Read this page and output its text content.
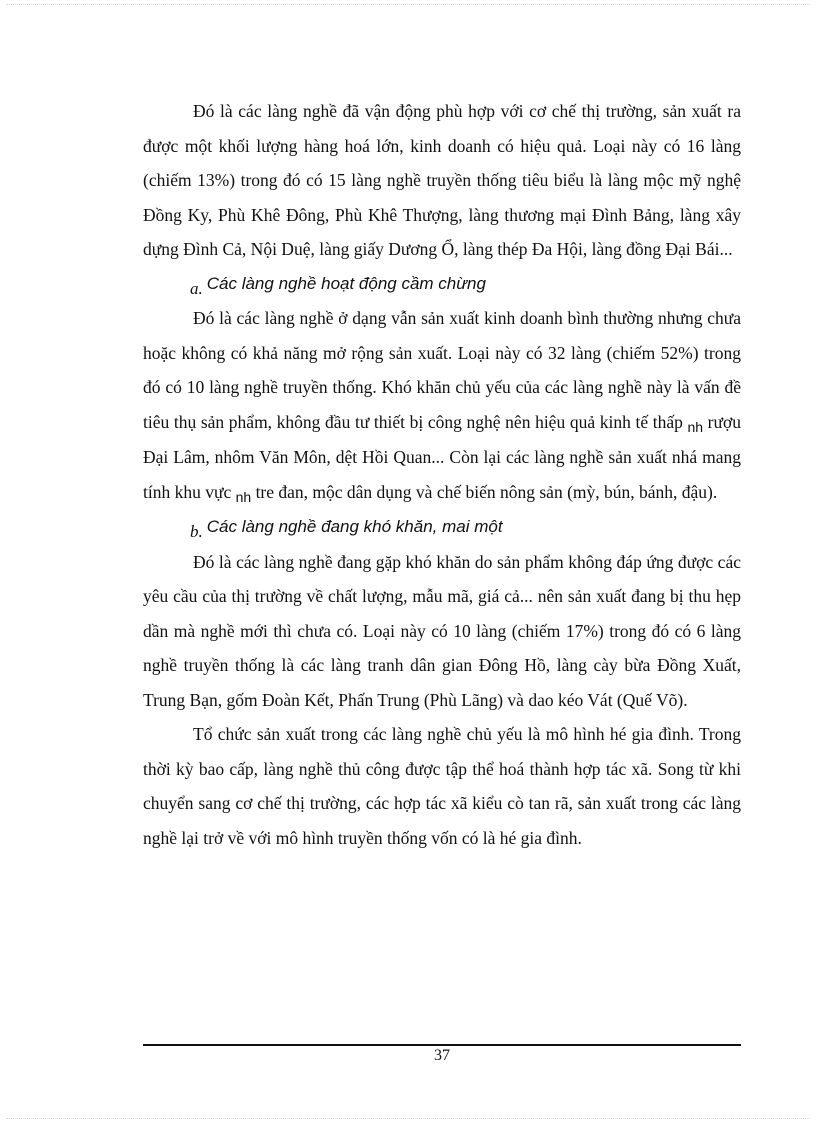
Đó là các làng nghề đã vận động phù hợp với cơ chế thị trường, sản xuất ra được một khối lượng hàng hoá lớn, kinh doanh có hiệu quả. Loại này có 16 làng (chiếm 13%) trong đó có 15 làng nghề truyền thống tiêu biểu là làng mộc mỹ nghệ Đồng Ky, Phù Khê Đông, Phù Khê Thượng, làng thương mại Đình Bảng, làng xây dựng Đình Cả, Nội Duệ, làng giấy Dương Ổ, làng thép Đa Hội, làng đồng Đại Bái...

a. Các làng nghề hoạt động cầm chừng

Đó là các làng nghề ở dạng vẫn sản xuất kinh doanh bình thường nhưng chưa hoặc không có khả năng mở rộng sản xuất. Loại này có 32 làng (chiếm 52%) trong đó có 10 làng nghề truyền thống. Khó khăn chủ yếu của các làng nghề này là vấn đề tiêu thụ sản phẩm, không đầu tư thiết bị công nghệ nên hiệu quả kinh tế thấp $_{nh}$ rượu Đại Lâm, nhôm Văn Môn, dệt Hồi Quan... Còn lại các làng nghề sản xuất nhá mang tính khu vực $_{nh}$ tre đan, mộc dân dụng và chế biến nông sản (mỳ, bún, bánh, đậu).

b. Các làng nghề đang khó khăn, mai một

Đó là các làng nghề đang gặp khó khăn do sản phẩm không đáp ứng được các yêu cầu của thị trường về chất lượng, mẫu mã, giá cả... nên sản xuất đang bị thu hẹp dần mà nghề mới thì chưa có. Loại này có 10 làng (chiếm 17%) trong đó có 6 làng nghề truyền thống là các làng tranh dân gian Đông Hồ, làng cày bừa Đồng Xuất, Trung Bạn, gốm Đoàn Kết, Phấn Trung (Phù Lãng) và dao kéo Vát (Quế Võ).

Tổ chức sản xuất trong các làng nghề chủ yếu là mô hình hé gia đình. Trong thời kỳ bao cấp, làng nghề thủ công được tập thể hoá thành hợp tác xã. Song từ khi chuyển sang cơ chế thị trường, các hợp tác xã kiểu cò tan rã, sản xuất trong các làng nghề lại trở về với mô hình truyền thống vốn có là hé gia đình.

37
